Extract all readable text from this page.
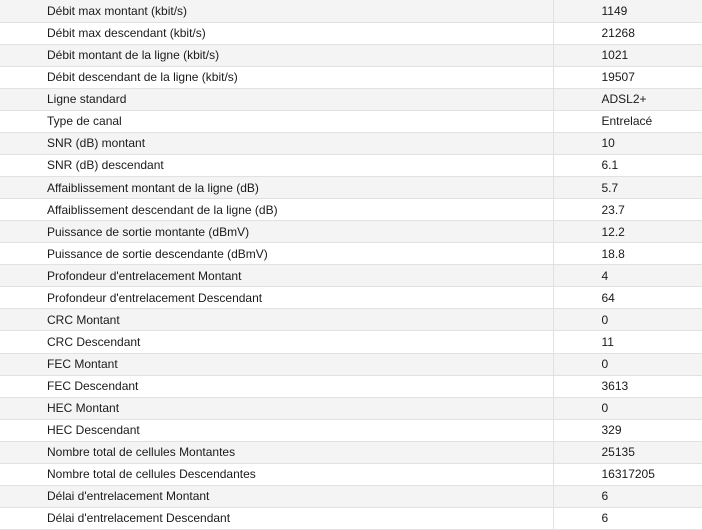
Débit max montant (kbit/s)	1149
Débit max descendant (kbit/s)	21268
Débit montant de la ligne (kbit/s)	1021
Débit descendant de la ligne (kbit/s)	19507
Ligne standard	ADSL2+
Type de canal	Entrelacé
SNR (dB) montant	10
SNR (dB) descendant	6.1
Affaiblissement montant de la ligne (dB)	5.7
Affaiblissement descendant de la ligne (dB)	23.7
Puissance de sortie montante (dBmV)	12.2
Puissance de sortie descendante (dBmV)	18.8
Profondeur d'entrelacement Montant	4
Profondeur d'entrelacement Descendant	64
CRC Montant	0
CRC Descendant	11
FEC Montant	0
FEC Descendant	3613
HEC Montant	0
HEC Descendant	329
Nombre total de cellules Montantes	25135
Nombre total de cellules Descendantes	16317205
Délai d'entrelacement Montant	6
Délai d'entrelacement Descendant	6
